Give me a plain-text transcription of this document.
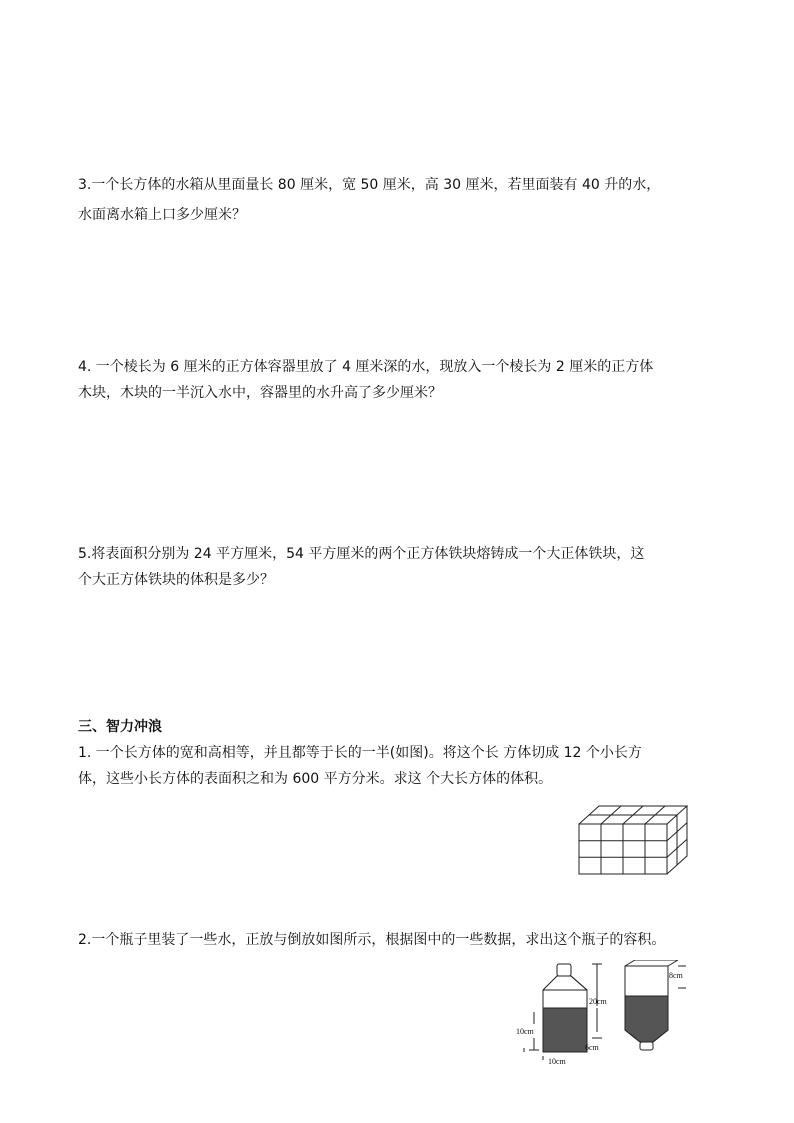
3.一个长方体的水箱从里面量长 80 厘米，宽 50 厘米，高 30 厘米，若里面装有 40 升的水，
水面离水箱上口多少厘米？
4. 一个棱长为 6 厘米的正方体容器里放了 4 厘米深的水，现放入一个棱长为 2 厘米的正方体
木块，木块的一半沉入水中，容器里的水升高了多少厘米？
5.将表面积分别为 24 平方厘米，54 平方厘米的两个正方体铁块熔铸成一个大正体铁块，这
个大正方体铁块的体积是多少？
三、智力冲浪
1. 一个长方体的宽和高相等，并且都等于长的一半(如图)。将这个长 方体切成 12 个小长方
体，这些小长方体的表面积之和为 600 平方分米。求这 个大长方体的体积。
2.一个瓶子里装了一些水，正放与倒放如图所示，根据图中的一些数据，求出这个瓶子的容积。
20cm
10cm
6cm
10cm
8cm
